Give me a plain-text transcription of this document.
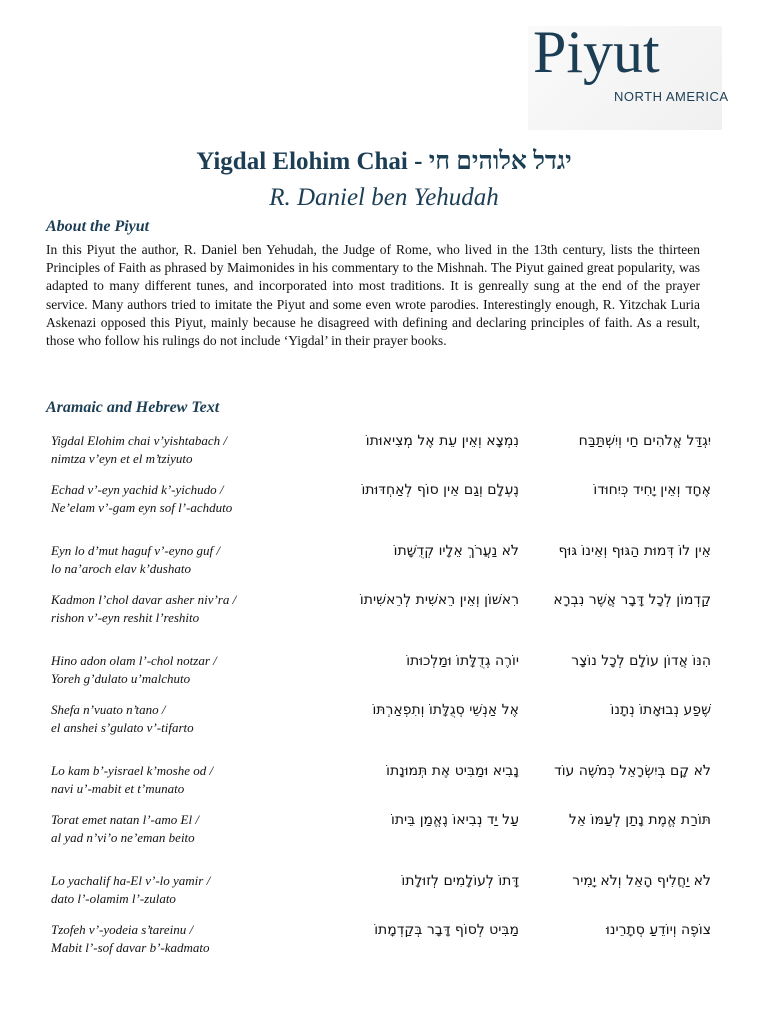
Piyut
NORTH AMERICA
Yigdal Elohim Chai - יגדל אלוהים חי
R. Daniel ben Yehudah
About the Piyut
In this Piyut the author, R. Daniel ben Yehudah, the Judge of Rome, who lived in the 13th century, lists the thirteen Principles of Faith as phrased by Maimonides in his commentary to the Mishnah. The Piyut gained great popularity, was adapted to many different tunes, and incorporated into most traditions. It is genreally sung at the end of the prayer service. Many authors tried to imitate the Piyut and some even wrote parodies. Interestingly enough, R. Yitzchak Luria Askenazi opposed this Piyut, mainly because he disagreed with defining and declaring principles of faith. As a result, those who follow his rulings do not include ‘Yigdal’ in their prayer books.
Aramaic and Hebrew Text
Yigdal Elohim chai v’yishtabach /
nimtza v’eyn et el m’tziyuto
יִגְדַּל אֱלֹהִים חַי וְיִשְׁתַּבַּח
נִמְצָא וְאֵין עֵת אֶל מְצִיאוּתוֹ
Echad v’-eyn yachid k’-yichudo /
Ne’elam v’-gam eyn sof l’-achduto
אֶחָד וְאֵין יָחִיד כְּיִחוּדוֹ
נֶעְלָם וְגַם אֵין סוֹף לְאַחְדּוּתוֹ
Eyn lo d’mut haguf v’-eyno guf /
lo na’aroch elav k’dushato
אֵין לוֹ דְּמוּת הַגּוּף וְאֵינוֹ גּוּף
לֹא נַעֲרֹךְ אֵלָיו קְדֻשָּׁתוֹ
Kadmon l’chol davar asher niv’ra /
rishon v’-eyn reshit l’reshito
קַדְמוֹן לְכָל דָּבָר אֲשֶׁר נִבְרָא
רִאשׁוֹן וְאֵין רֵאשִׁית לְרֵאשִׁיתוֹ
Hino adon olam l’-chol notzar /
Yoreh g’dulato u’malchuto
הִנּוֹ אֲדוֹן עוֹלָם לְכָל נוֹצָר
יוֹרֶה גְדֻלָּתוֹ וּמַלְכוּתוֹ
Shefa n’vuato n’tano /
el anshei s’gulato v’-tifarto
שֶׁפַע נְבוּאָתוֹ נְתָנוֹ
אֶל אַנְשֵׁי סְגֻלָּתוֹ וְתִפְאַרְתּוֹ
Lo kam b’-yisrael k’moshe od /
navi u’-mabit et t’munato
לֹא קָם בְּיִשְׂרָאֵל כְּמֹשֶׁה עוֹד
נָבִיא וּמַבִּיט אֶת תְּמוּנָתוֹ
Torat emet natan l’-amo El /
al yad n’vi’o ne’eman beito
תּוֹרַת אֱמֶת נָתַן לְעַמּוֹ אֵל
עַל יַד נְבִיאוֹ נֶאֱמַן בֵּיתוֹ
Lo yachalif ha-El v’-lo yamir /
dato l’-olamim l’-zulato
לֹא יַחֲלִיף הָאֵל וְלֹא יָמִיר
דָּתוֹ לְעוֹלָמִים לְזוּלָתוֹ
Tzofeh v’-yodeia s’tareinu /
Mabit l’-sof davar b’-kadmato
צוֹפֶה וְיוֹדֵעַ סְתָרֵינוּ
מַבִּיט לְסוֹף דָּבָר בְּקַדְמָתוֹ
